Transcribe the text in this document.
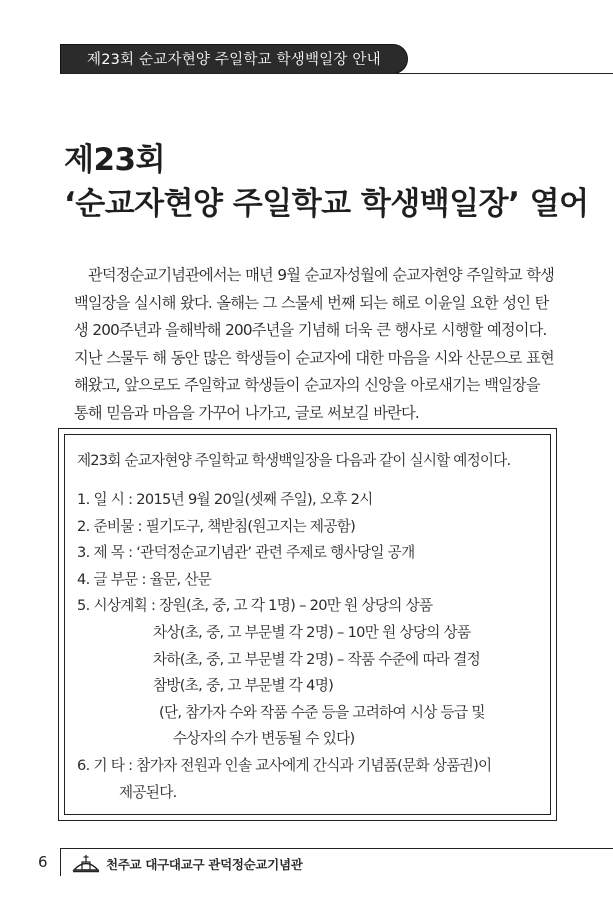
제23회 순교자현양 주일학교 학생백일장 안내
제23회
‘순교자현양 주일학교 학생백일장’ 열어
관덕정순교기념관에서는 매년 9월 순교자성월에 순교자현양 주일학교 학생
백일장을 실시해 왔다. 올해는 그 스물세 번째 되는 해로 이윤일 요한 성인 탄
생 200주년과 을해박해 200주년을 기념해 더욱 큰 행사로 시행할 예정이다.
지난 스물두 해 동안 많은 학생들이 순교자에 대한 마음을 시와 산문으로 표현
해왔고, 앞으로도 주일학교 학생들이 순교자의 신앙을 아로새기는 백일장을
통해 믿음과 마음을 가꾸어 나가고, 글로 써보길 바란다.
제23회 순교자현양 주일학교 학생백일장을 다음과 같이 실시할 예정이다.
1. 일 시 : 2015년 9월 20일(셋째 주일), 오후 2시
2. 준비물 : 필기도구, 책받침(원고지는 제공함)
3. 제 목 : ‘관덕정순교기념관’ 관련 주제로 행사당일 공개
4. 글 부문 : 율문, 산문
5. 시상계획 : 장원(초, 중, 고 각 1명) – 20만 원 상당의 상품
차상(초, 중, 고 부문별 각 2명) – 10만 원 상당의 상품
차하(초, 중, 고 부문별 각 2명) – 작품 수준에 따라 결정
참방(초, 중, 고 부문별 각 4명)
(단, 참가자 수와 작품 수준 등을 고려하여 시상 등급 및
수상자의 수가 변동될 수 있다)
6. 기 타 : 참가자 전원과 인솔 교사에게 간식과 기념품(문화 상품권)이
제공된다.
6	천주교 대구대교구 관덕정순교기념관
